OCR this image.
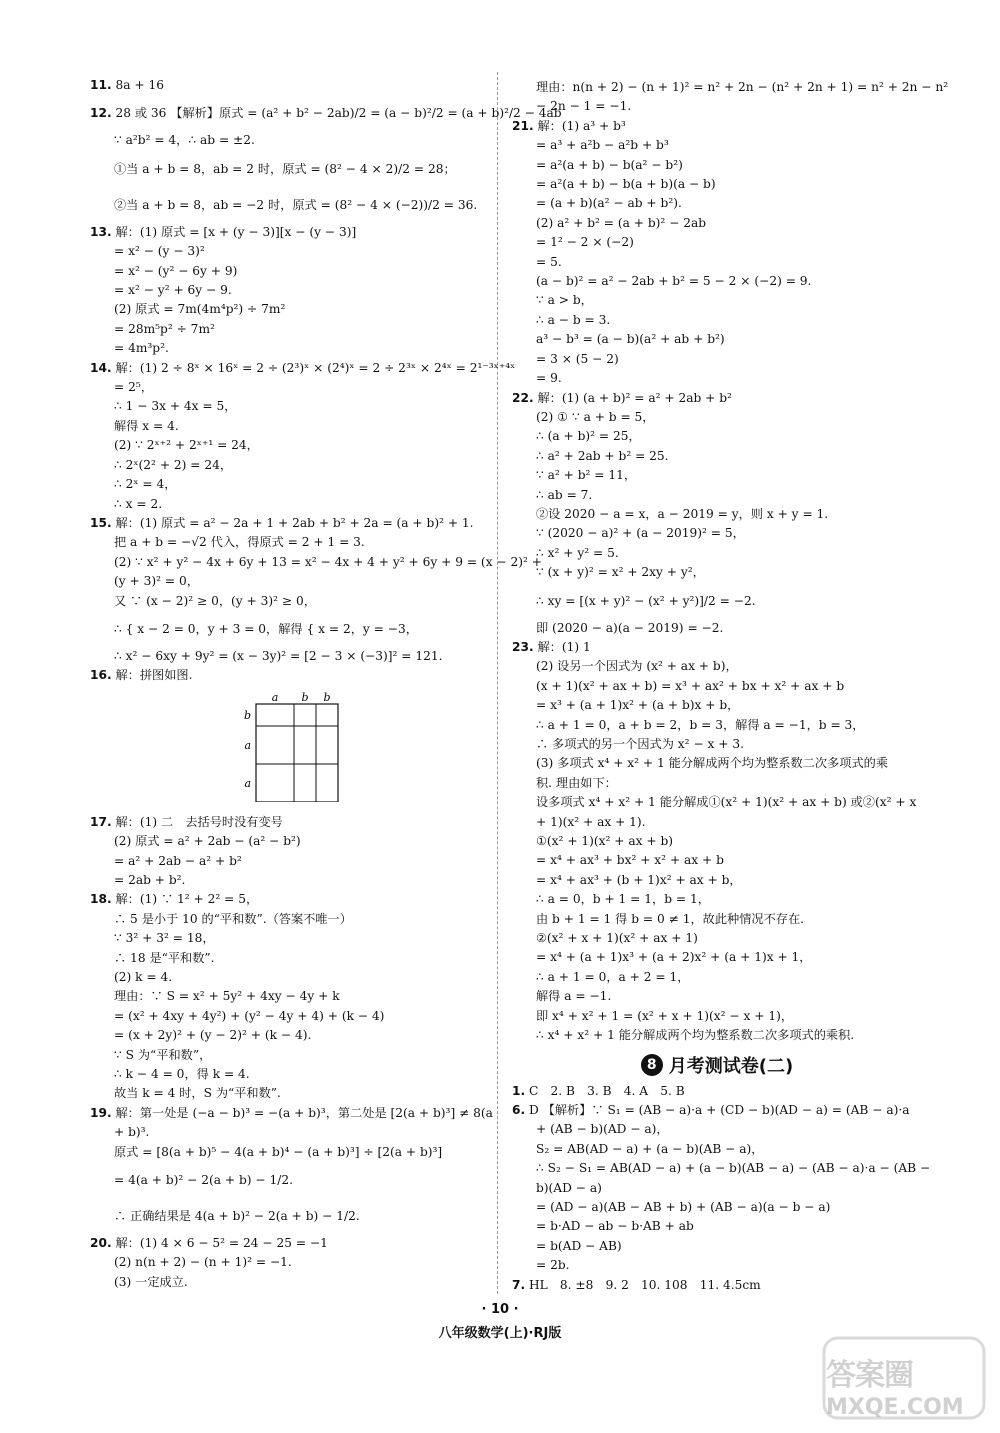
11. 8a + 16
12. 28 或 36 【解析】原式 = (a² + b² − 2ab)/2 = (a − b)²/2 = (a + b)²/2 − 4ab
∵ a²b² = 4，∴ ab = ±2.
①当 a + b = 8，ab = 2 时，原式 = (8² − 4 × 2)/2 = 28；
②当 a + b = 8，ab = −2 时，原式 = (8² − 4 × (−2))/2 = 36.
13. 解：(1) 原式 = [x + (y − 3)][x − (y − 3)]
= x² − (y − 3)²
= x² − (y² − 6y + 9)
= x² − y² + 6y − 9.
(2) 原式 = 7m(4m⁴p²) ÷ 7m²
= 28m⁵p² ÷ 7m²
= 4m³p².
14. 解：(1) 2 ÷ 8ˣ × 16ˣ = 2 ÷ (2³)ˣ × (2⁴)ˣ = 2 ÷ 2³ˣ × 2⁴ˣ = 2¹⁻³ˣ⁺⁴ˣ
= 2⁵，
∴ 1 − 3x + 4x = 5，
解得 x = 4.
(2) ∵ 2ˣ⁺² + 2ˣ⁺¹ = 24，
∴ 2ˣ(2² + 2) = 24，
∴ 2ˣ = 4，
∴ x = 2.
15. 解：(1) 原式 = a² − 2a + 1 + 2ab + b² + 2a = (a + b)² + 1.
把 a + b = −√2 代入，得原式 = 2 + 1 = 3.
(2) ∵ x² + y² − 4x + 6y + 13 = x² − 4x + 4 + y² + 6y + 9 = (x − 2)² +
(y + 3)² = 0，
又 ∵ (x − 2)² ≥ 0，(y + 3)² ≥ 0，
∴ { x − 2 = 0，y + 3 = 0，解得 { x = 2，y = −3，
∴ x² − 6xy + 9y² = (x − 3y)² = [2 − 3 × (−3)]² = 121.
16. 解：拼图如图.
a b b
b
a
a
17. 解：(1) 二　去括号时没有变号
(2) 原式 = a² + 2ab − (a² − b²)
= a² + 2ab − a² + b²
= 2ab + b².
18. 解：(1) ∵ 1² + 2² = 5，
∴ 5 是小于 10 的“平和数”.（答案不唯一）
∵ 3² + 3² = 18，
∴ 18 是“平和数”.
(2) k = 4.
理由：∵ S = x² + 5y² + 4xy − 4y + k
= (x² + 4xy + 4y²) + (y² − 4y + 4) + (k − 4)
= (x + 2y)² + (y − 2)² + (k − 4).
∵ S 为“平和数”，
∴ k − 4 = 0，得 k = 4.
故当 k = 4 时，S 为“平和数”.
19. 解：第一处是 (−a − b)³ = −(a + b)³，第二处是 [2(a + b)³] ≠ 8(a
+ b)³.
原式 = [8(a + b)⁵ − 4(a + b)⁴ − (a + b)³] ÷ [2(a + b)³]
= 4(a + b)² − 2(a + b) − 1/2.
∴ 正确结果是 4(a + b)² − 2(a + b) − 1/2.
20. 解：(1) 4 × 6 − 5² = 24 − 25 = −1
(2) n(n + 2) − (n + 1)² = −1.
(3) 一定成立.
理由：n(n + 2) − (n + 1)² = n² + 2n − (n² + 2n + 1) = n² + 2n − n²
− 2n − 1 = −1.
21. 解：(1) a³ + b³
= a³ + a²b − a²b + b³
= a²(a + b) − b(a² − b²)
= a²(a + b) − b(a + b)(a − b)
= (a + b)(a² − ab + b²).
(2) a² + b² = (a + b)² − 2ab
= 1² − 2 × (−2)
= 5.
(a − b)² = a² − 2ab + b² = 5 − 2 × (−2) = 9.
∵ a > b，
∴ a − b = 3.
a³ − b³ = (a − b)(a² + ab + b²)
= 3 × (5 − 2)
= 9.
22. 解：(1) (a + b)² = a² + 2ab + b²
(2) ① ∵ a + b = 5，
∴ (a + b)² = 25，
∴ a² + 2ab + b² = 25.
∵ a² + b² = 11，
∴ ab = 7.
②设 2020 − a = x，a − 2019 = y，则 x + y = 1.
∵ (2020 − a)² + (a − 2019)² = 5，
∴ x² + y² = 5.
∵ (x + y)² = x² + 2xy + y²，
∴ xy = [(x + y)² − (x² + y²)]/2 = −2.
即 (2020 − a)(a − 2019) = −2.
23. 解：(1) 1
(2) 设另一个因式为 (x² + ax + b)，
(x + 1)(x² + ax + b) = x³ + ax² + bx + x² + ax + b
= x³ + (a + 1)x² + (a + b)x + b，
∴ a + 1 = 0，a + b = 2，b = 3，解得 a = −1，b = 3，
∴ 多项式的另一个因式为 x² − x + 3.
(3) 多项式 x⁴ + x² + 1 能分解成两个均为整系数二次多项式的乘
积. 理由如下：
设多项式 x⁴ + x² + 1 能分解成①(x² + 1)(x² + ax + b) 或②(x² + x
+ 1)(x² + ax + 1).
①(x² + 1)(x² + ax + b)
= x⁴ + ax³ + bx² + x² + ax + b
= x⁴ + ax³ + (b + 1)x² + ax + b，
∴ a = 0，b + 1 = 1，b = 1，
由 b + 1 = 1 得 b = 0 ≠ 1，故此种情况不存在.
②(x² + x + 1)(x² + ax + 1)
= x⁴ + (a + 1)x³ + (a + 2)x² + (a + 1)x + 1，
∴ a + 1 = 0，a + 2 = 1，
解得 a = −1.
即 x⁴ + x² + 1 = (x² + x + 1)(x² − x + 1)，
∴ x⁴ + x² + 1 能分解成两个均为整系数二次多项式的乘积.
8 月考测试卷(二)
1. C　2. B　3. B　4. A　5. B
6. D 【解析】∵ S₁ = (AB − a)·a + (CD − b)(AD − a) = (AB − a)·a
+ (AB − b)(AD − a)，
S₂ = AB(AD − a) + (a − b)(AB − a)，
∴ S₂ − S₁ = AB(AD − a) + (a − b)(AB − a) − (AB − a)·a − (AB −
b)(AD − a)
= (AD − a)(AB − AB + b) + (AB − a)(a − b − a)
= b·AD − ab − b·AB + ab
= b(AD − AB)
= 2b.
7. HL　8. ±8　9. 2　10. 108　11. 4.5cm
· 10 ·
八年级数学(上)·RJ版
答案圈
MXQE.COM
